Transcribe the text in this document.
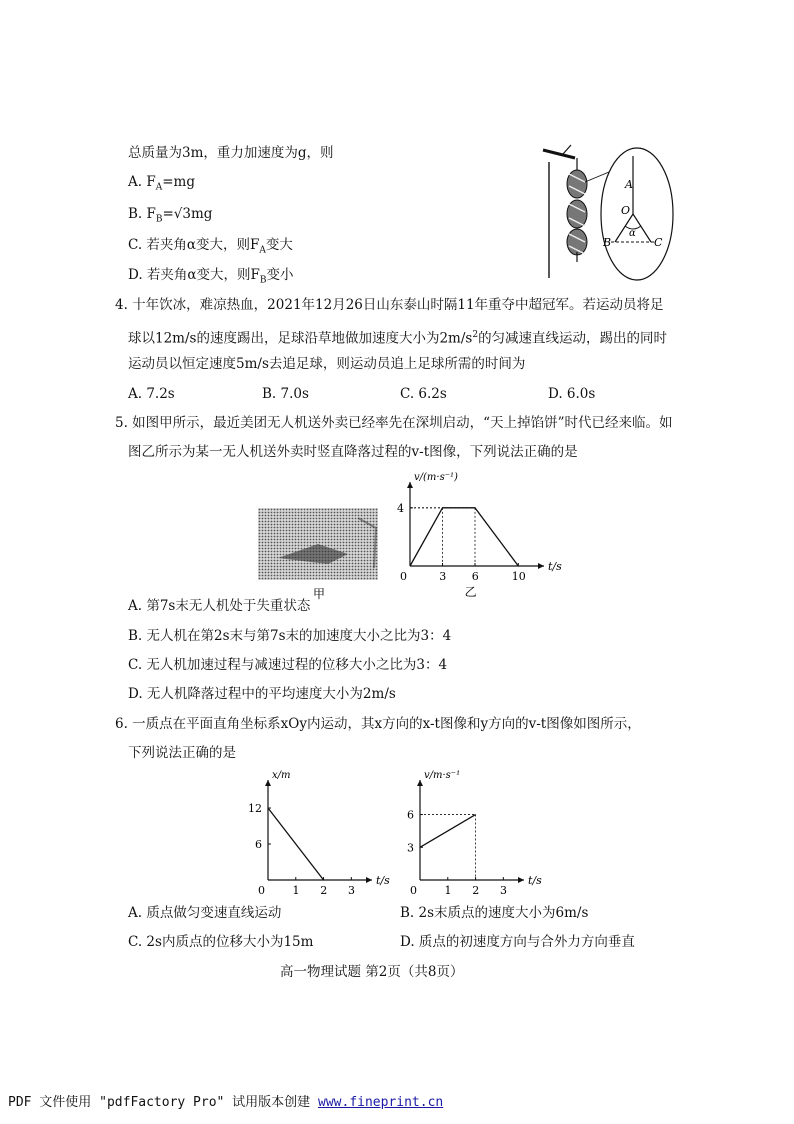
总质量为3m，重力加速度为g，则
A. $F_A=mg$
B. $F_B=√3mg$
C. 若夹角α变大，则$F_A$变大
D. 若夹角α变大，则$F_B$变小
A
O
α
B	C
4. 十年饮冰，难凉热血，2021年12月26日山东泰山时隔11年重夺中超冠军。若运动员将足
球以12m/s的速度踢出，足球沿草地做加速度大小为$2m/s^2$的匀减速直线运动，踢出的同时
运动员以恒定速度5m/s去追足球，则运动员追上足球所需的时间为
A. 7.2s	B. 7.0s	C. 6.2s	D. 6.0s
5. 如图甲所示，最近美团无人机送外卖已经率先在深圳启动，“天上掉馅饼”时代已经来临。如
图乙所示为某一无人机送外卖时竖直降落过程的v-t图像，下列说法正确的是
甲
t/s
v/(m·s⁻¹)
0	3 6	10
4
乙
A. 第7s末无人机处于失重状态
B. 无人机在第2s末与第7s末的加速度大小之比为3：4
C. 无人机加速过程与减速过程的位移大小之比为3：4
D. 无人机降落过程中的平均速度大小为2m/s
6. 一质点在平面直角坐标系xOy内运动，其x方向的x-t图像和y方向的v-t图像如图所示，
下列说法正确的是
t/s
x/m
0 1 2 3
6
12
t/s
v/m·s⁻¹
0 1 2 3
3
6
A. 质点做匀变速直线运动	B. 2s末质点的速度大小为6m/s
C. 2s内质点的位移大小为15m	D. 质点的初速度方向与合外力方向垂直
高一物理试题 第2页（共8页）
PDF 文件使用 "pdfFactory Pro" 试用版本创建 www.fineprint.cn
